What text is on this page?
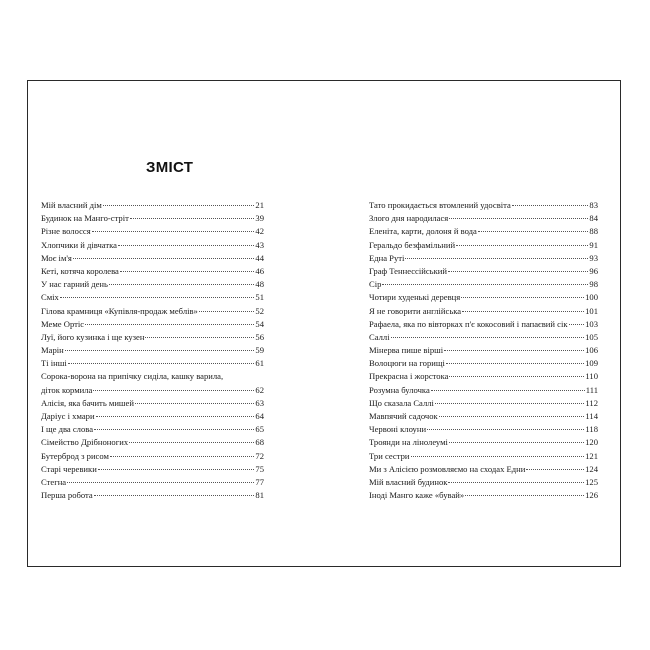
ЗМІСТ
Мій власний дім	21
Будинок на Манго-стріт	39
Різне волосся	42
Хлопчики й дівчатка	43
Моє ім'я	44
Кеті, котяча королева	46
У нас гарний день	48
Сміх	51
Гілова крамниця «Купівля-продаж меблів»	52
Меме Ортіс	54
Луї, його кузинка і ще кузен	56
Марін	59
Ті інші	61
Сорока-ворона на припічку сиділа, кашку варила,
діток кормила	62
Алісія, яка бачить мишей	63
Даріус і хмари	64
І ще два слова	65
Сімейство Дрібноногих	68
Бутерброд з рисом	72
Старі черевики	75
Стегна	77
Перша робота	81
Тато прокидається втомлений удосвіта	83
Злого дня народилася	84
Еленіта, карти, долоня й вода	88
Геральдо безфамільний	91
Една Руті	93
Граф Теннессійський	96
Сір	98
Чотири худенькі деревця	100
Я не говорити англійська	101
Рафаела, яка по вівторках п'є кокосовий і папаєвий сік 103
Саллі	105
Мінерва пише вірші	106
Волоцюги на горищі	109
Прекрасна і жорстока	110
Розумна булочка	111
Що сказала Саллі	112
Мавпячий садочок	114
Червоні клоуни	118
Троянди на лінолеумі	120
Три сестри	121
Ми з Алісією розмовляємо на сходах Едни	124
Мій власний будинок	125
Іноді Манго каже «бувай»	126
